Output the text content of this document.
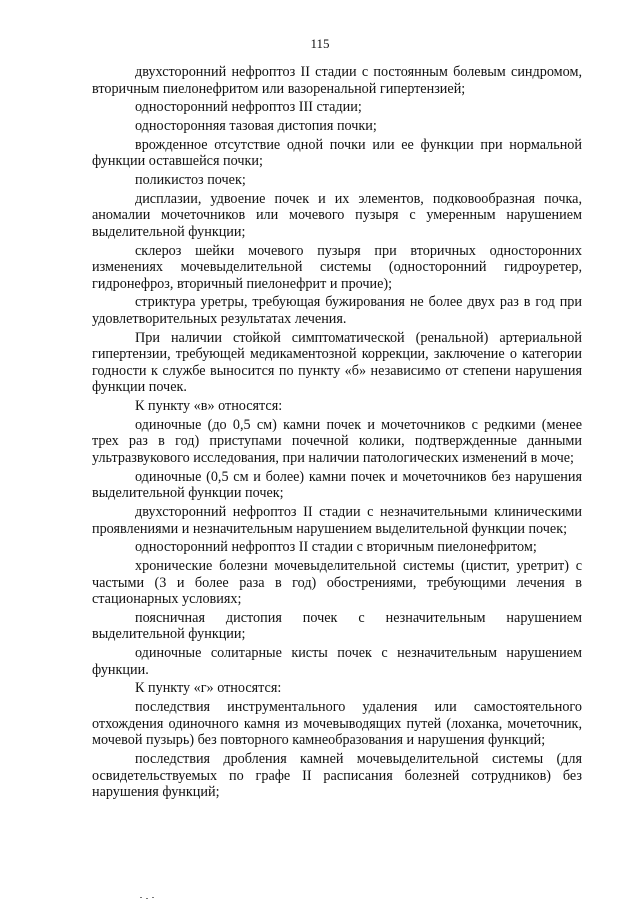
115

двухсторонний нефроптоз II стадии с постоянным болевым синдромом, вторичным пиелонефритом или вазоренальной гипертензией;

односторонний нефроптоз III стадии;

односторонняя тазовая дистопия почки;

врожденное отсутствие одной почки или ее функции при нормальной функции оставшейся почки;

поликистоз почек;

дисплазии, удвоение почек и их элементов, подковообразная почка, аномалии мочеточников или мочевого пузыря с умеренным нарушением выделительной функции;

склероз шейки мочевого пузыря при вторичных односторонних изменениях мочевыделительной системы (односторонний гидроуретер, гидронефроз, вторичный пиелонефрит и прочие);

стриктура уретры, требующая бужирования не более двух раз в год при удовлетворительных результатах лечения.

При наличии стойкой симптоматической (ренальной) артериальной гипертензии, требующей медикаментозной коррекции, заключение о категории годности к службе выносится по пункту «б» независимо от степени нарушения функции почек.

К пункту «в» относятся:

одиночные (до 0,5 см) камни почек и мочеточников с редкими (менее трех раз в год) приступами почечной колики, подтвержденные данными ультразвукового исследования, при наличии патологических изменений в моче;

одиночные (0,5 см и более) камни почек и мочеточников без нарушения выделительной функции почек;

двухсторонний нефроптоз II стадии с незначительными клиническими проявлениями и незначительным нарушением выделительной функции почек;

односторонний нефроптоз II стадии с вторичным пиелонефритом;

хронические болезни мочевыделительной системы (цистит, уретрит) с частыми (3 и более раза в год) обострениями, требующими лечения в стационарных условиях;

поясничная дистопия почек с незначительным нарушением выделительной функции;

одиночные солитарные кисты почек с незначительным нарушением функции.

К пункту «г» относятся:

последствия инструментального удаления или самостоятельного отхождения одиночного камня из мочевыводящих путей (лоханка, мочеточник, мочевой пузырь) без повторного камнеобразования и нарушения функций;

последствия дробления камней мочевыделительной системы (для освидетельствуемых по графе II расписания болезней сотрудников) без нарушения функций;
